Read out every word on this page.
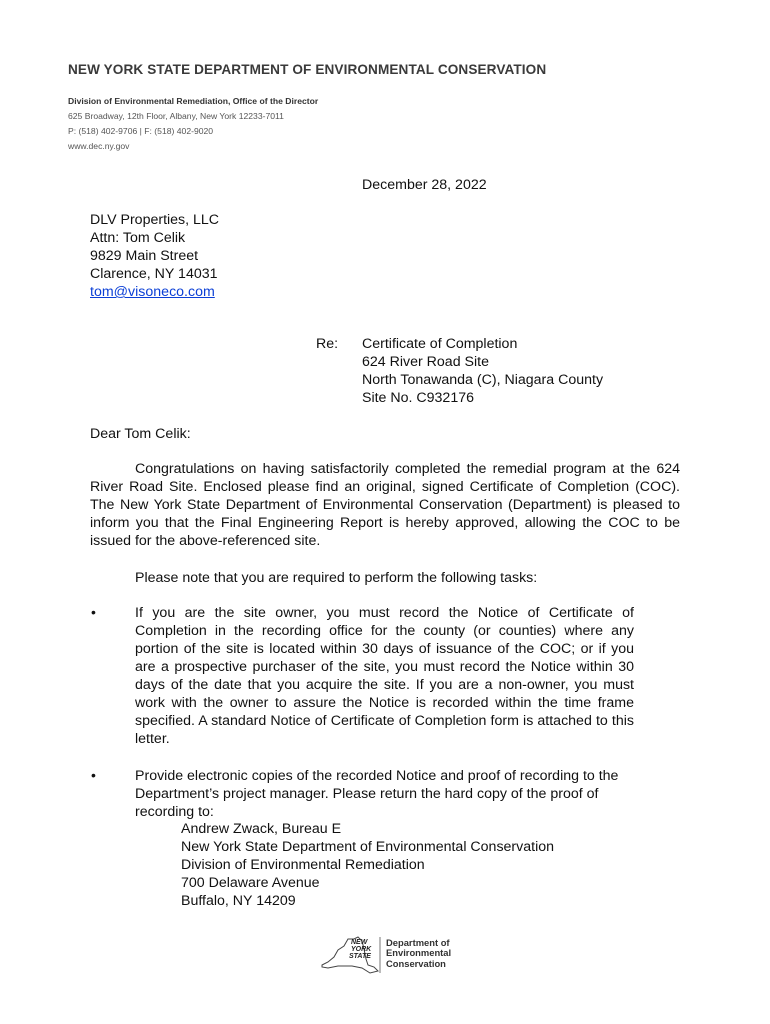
NEW YORK STATE DEPARTMENT OF ENVIRONMENTAL CONSERVATION
Division of Environmental Remediation, Office of the Director
625 Broadway, 12th Floor, Albany, New York 12233-7011
P: (518) 402-9706 | F: (518) 402-9020
www.dec.ny.gov
December 28, 2022
DLV Properties, LLC
Attn: Tom Celik
9829 Main Street
Clarence, NY 14031
tom@visoneco.com
Re: Certificate of Completion
624 River Road Site
North Tonawanda (C), Niagara County
Site No. C932176
Dear Tom Celik:
Congratulations on having satisfactorily completed the remedial program at the 624 River Road Site. Enclosed please find an original, signed Certificate of Completion (COC). The New York State Department of Environmental Conservation (Department) is pleased to inform you that the Final Engineering Report is hereby approved, allowing the COC to be issued for the above-referenced site.
Please note that you are required to perform the following tasks:
•	If you are the site owner, you must record the Notice of Certificate of Completion in the recording office for the county (or counties) where any portion of the site is located within 30 days of issuance of the COC; or if you are a prospective purchaser of the site, you must record the Notice within 30 days of the date that you acquire the site. If you are a non-owner, you must work with the owner to assure the Notice is recorded within the time frame specified. A standard Notice of Certificate of Completion form is attached to this letter.
•	Provide electronic copies of the recorded Notice and proof of recording to the Department’s project manager. Please return the hard copy of the proof of recording to:
Andrew Zwack, Bureau E
New York State Department of Environmental Conservation
Division of Environmental Remediation
700 Delaware Avenue
Buffalo, NY 14209
NEW
YORK
STATE
Department of
Environmental
Conservation
